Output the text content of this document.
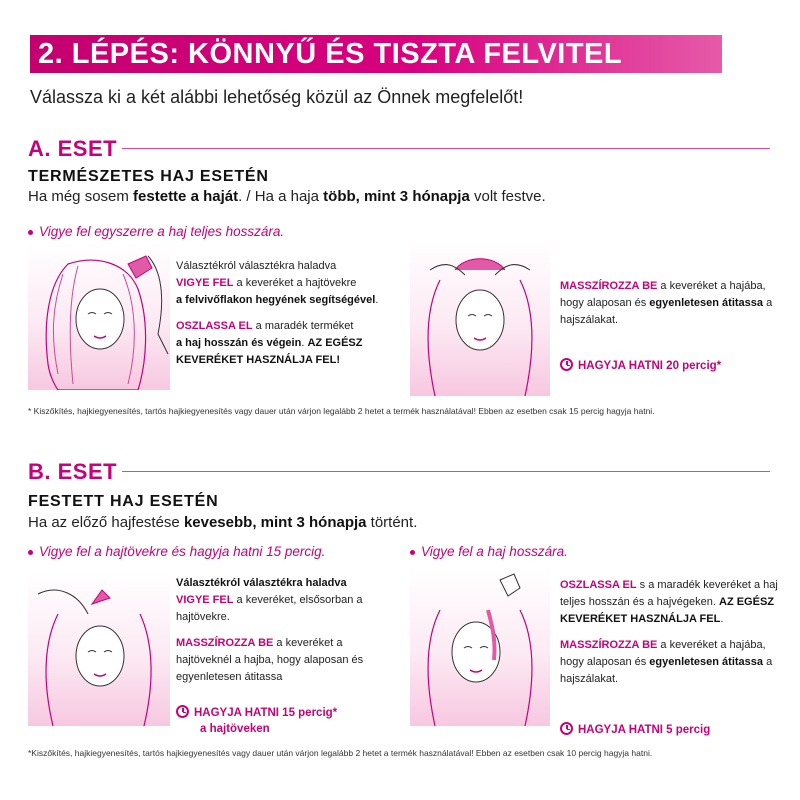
2. LÉPÉS: KÖNNYŰ ÉS TISZTA FELVITEL
Válassza ki a két alábbi lehetőség közül az Önnek megfelelőt!
A. ESET
TERMÉSZETES HAJ ESETÉN
Ha még sosem festette a haját. / Ha a haja több, mint 3 hónapja volt festve.
Vigye fel egyszerre a haj teljes hosszára.

Választékról választékra haladva
VIGYE FEL a keveréket a hajtövekre
a felvivőflakon hegyének segítségével.

OSZLASSA EL a maradék terméket
a haj hosszán és végein. AZ EGÉSZ KEVERÉKET HASZNÁLJA FEL!

MASSZÍROZZA BE a keveréket a hajába, hogy alaposan és egyenletesen átitassa a hajszálakat.

HAGYJA HATNI 20 percig*
* Kiszőkítés, hajkiegyenesítés, tartós hajkiegyenesítés vagy dauer után várjon legalább 2 hetet a termék használatával! Ebben az esetben csak 15 percig hagyja hatni.
B. ESET
FESTETT HAJ ESETÉN
Ha az előző hajfestése kevesebb, mint 3 hónapja történt.
Vigye fel a hajtövekre és hagyja hatni 15 percig.	Vigye fel a haj hosszára.

Választékról választékra haladva
VIGYE FEL a keveréket, elsősorban a hajtövekre.

MASSZÍROZZA BE a keveréket a hajtöveknél a hajba, hogy alaposan és egyenletesen átitassa

HAGYJA HATNI 15 percig*
a hajtöveken

OSZLASSA EL s a maradék keveréket a haj teljes hosszán és a hajvégeken. AZ EGÉSZ KEVERÉKET HASZNÁLJA FEL.

MASSZÍROZZA BE a keveréket a hajába, hogy alaposan és egyenletesen átitassa a hajszálakat.

HAGYJA HATNI 5 percig
*Kiszőkítés, hajkiegyenesítés, tartós hajkiegyenesítés vagy dauer után várjon legalább 2 hetet a termék használatával! Ebben az esetben csak 10 percig hagyja hatni.
